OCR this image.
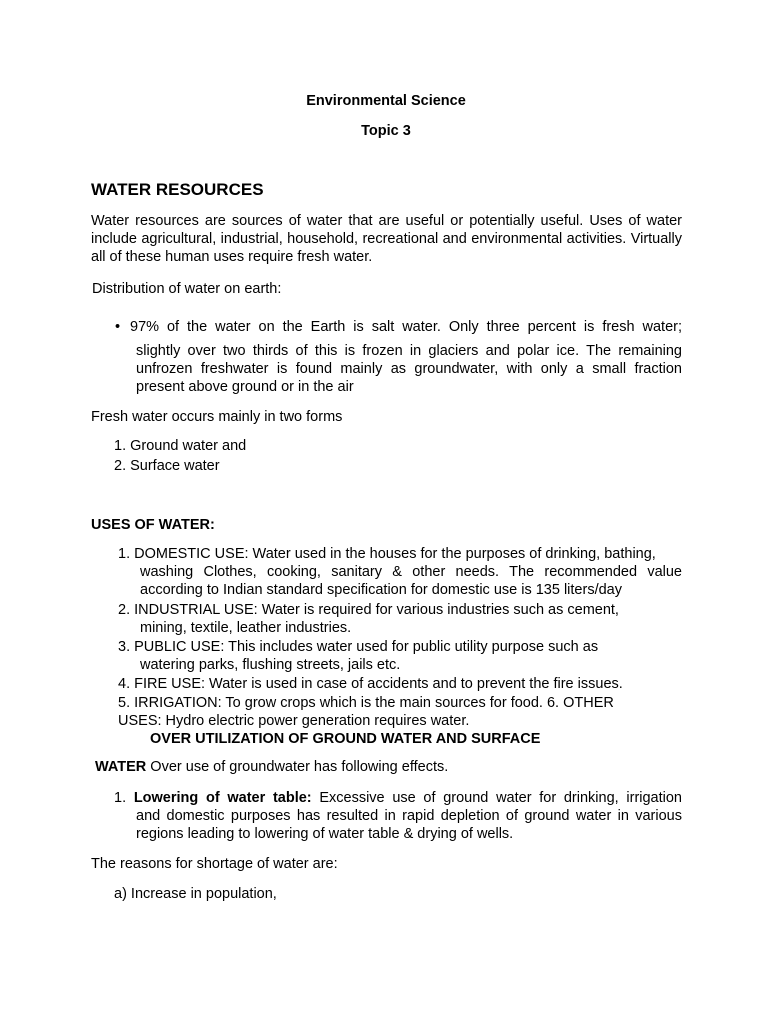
Environmental Science

Topic 3

WATER RESOURCES

Water resources are sources of water that are useful or potentially useful. Uses of water include agricultural, industrial, household, recreational and environmental activities. Virtually all of these human uses require fresh water.

Distribution of water on earth:

• 97% of the water on the Earth is salt water. Only three percent is fresh water;

slightly over two thirds of this is frozen in glaciers and polar ice. The remaining unfrozen freshwater is found mainly as groundwater, with only a small fraction present above ground or in the air

Fresh water occurs mainly in two forms

1. Ground water and

2. Surface water

USES OF WATER:

1. DOMESTIC USE: Water used in the houses for the purposes of drinking, bathing,

washing Clothes, cooking, sanitary & other needs. The recommended value according to Indian standard specification for domestic use is 135 liters/day

2. INDUSTRIAL USE: Water is required for various industries such as cement,

mining, textile, leather industries.

3. PUBLIC USE: This includes water used for public utility purpose such as

watering parks, flushing streets, jails etc.

4. FIRE USE: Water is used in case of accidents and to prevent the fire issues.

5. IRRIGATION: To grow crops which is the main sources for food. 6. OTHER

USES: Hydro electric power generation requires water.

OVER UTILIZATION OF GROUND WATER AND SURFACE

WATER Over use of groundwater has following effects.

1. Lowering of water table: Excessive use of ground water for drinking, irrigation

and domestic purposes has resulted in rapid depletion of ground water in various regions leading to lowering of water table & drying of wells.

The reasons for shortage of water are:

a) Increase in population,
